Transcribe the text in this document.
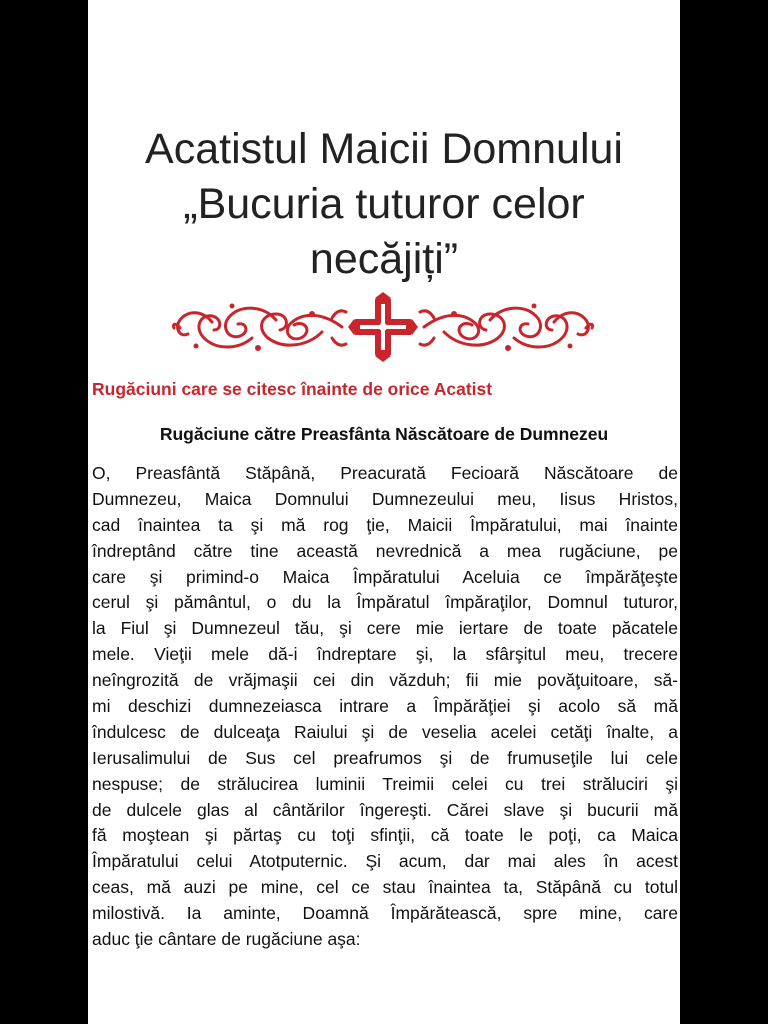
Acatistul Maicii Domnului
„Bucuria tuturor celor
necăjiți”
Rugăciuni care se citesc înainte de orice Acatist
Rugăciune către Preasfânta Născătoare de Dumnezeu
O, Preasfântă Stăpână, Preacurată Fecioară Născătoare de
Dumnezeu, Maica Domnului Dumnezeului meu, Iisus Hristos,
cad înaintea ta şi mă rog ţie, Maicii Împăratului, mai înainte
îndreptând către tine această nevrednică a mea rugăciune, pe
care şi primind-o Maica Împăratului Aceluia ce împărăţeşte
cerul şi pământul, o du la Împăratul împăraţilor, Domnul tuturor,
la Fiul şi Dumnezeul tău, şi cere mie iertare de toate păcatele
mele. Vieţii mele dă-i îndreptare şi, la sfârşitul meu, trecere
neîngrozită de vrăjmaşii cei din văzduh; fii mie povăţuitoare, să-
mi deschizi dumnezeiasca intrare a Împărăţiei şi acolo să mă
îndulcesc de dulceaţa Raiului şi de veselia acelei cetăţi înalte, a
Ierusalimului de Sus cel preafrumos şi de frumuseţile lui cele
nespuse; de strălucirea luminii Treimii celei cu trei străluciri şi
de dulcele glas al cântărilor îngereşti. Cărei slave şi bucurii mă
fă moştean şi părtaş cu toţi sfinţii, că toate le poţi, ca Maica
Împăratului celui Atotputernic. Şi acum, dar mai ales în acest
ceas, mă auzi pe mine, cel ce stau înaintea ta, Stăpână cu totul
milostivă. Ia aminte, Doamnă Împărătească, spre mine, care
aduc ţie cântare de rugăciune aşa:
